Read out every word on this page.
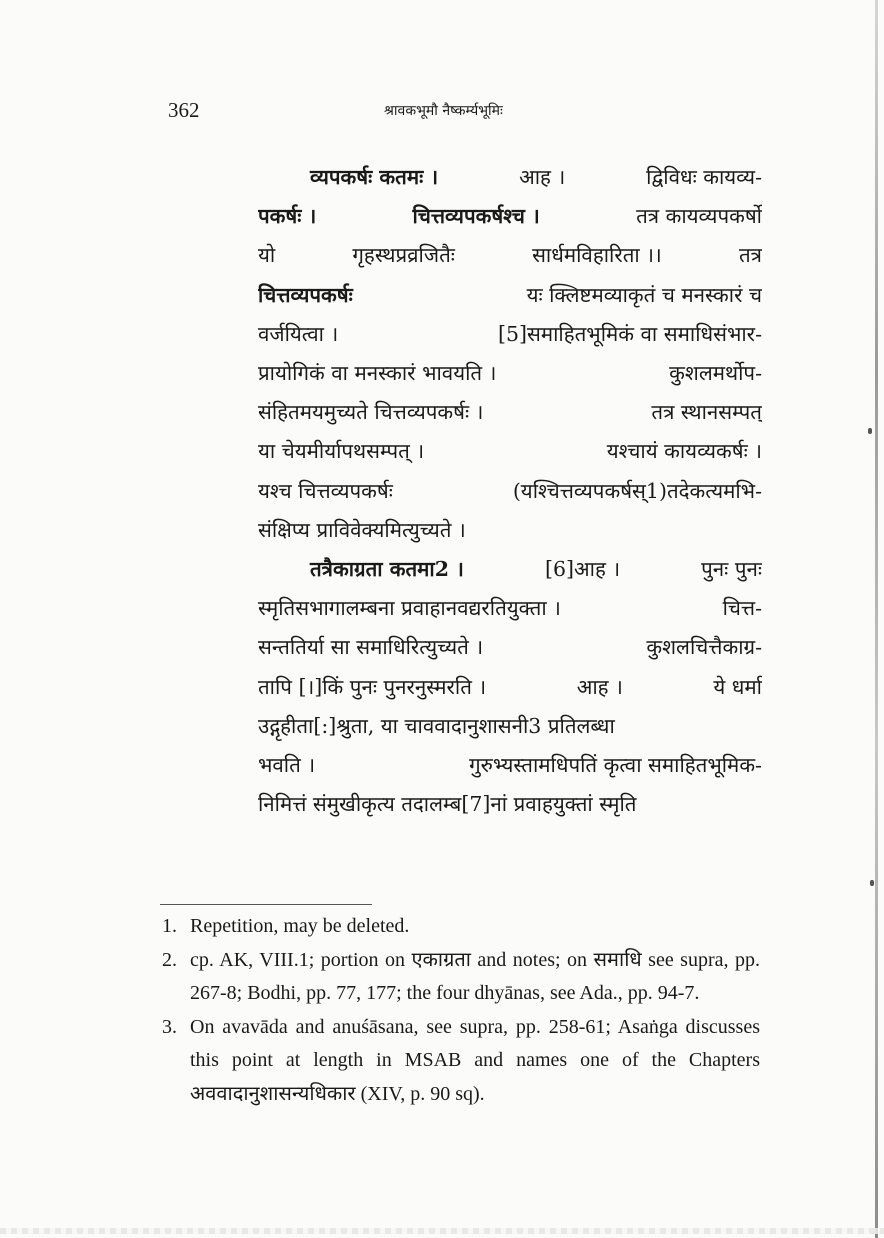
362	श्रावकभूमौ नैष्कर्म्यभूमिः
व्यपकर्षः कतमः ।	आह ।	द्विविधः कायव्य-
पकर्षः ।	चित्तव्यपकर्षश्च ।	तत्र कायव्यपकर्षो
यो	गृहस्थप्रव्रजितैः	सार्धमविहारिता ।।	तत्र
चित्तव्यपकर्षः	यः क्लिष्टमव्याकृतं च मनस्कारं च
वर्जयित्वा ।	[5]समाहितभूमिकं वा समाधिसंभार-
प्रायोगिकं वा मनस्कारं भावयति ।	कुशलमर्थोप-
संहितमयमुच्यते चित्तव्यपकर्षः ।	तत्र स्थानसम्पत्
या चेयमीर्यापथसम्पत् ।	यश्चायं कायव्यकर्षः ।
यश्च चित्तव्यपकर्षः	(यश्चित्तव्यपकर्षस्1)तदेकत्यमभि-
संक्षिप्य प्राविवेक्यमित्युच्यते ।
तत्रैकाग्रता कतमा2 ।	[6]आह ।	पुनः पुनः
स्मृतिसभागालम्बना प्रवाहानवद्यरतियुक्ता ।	चित्त-
सन्ततिर्या सा समाधिरित्युच्यते ।	कुशलचित्तैकाग्र-
तापि [।]किं पुनः पुनरनुस्मरति ।	आह ।	ये धर्मा
उद्गृहीता[:]श्रुता, या चाववादानुशासनी3 प्रतिलब्धा
भवति ।	गुरुभ्यस्तामधिपतिं कृत्वा समाहितभूमिक-
निमित्तं संमुखीकृत्य तदालम्ब[7]नां प्रवाहयुक्तां स्मृति
1. Repetition, may be deleted.
2. cp. AK, VIII.1; portion on एकाग्रता and notes; on समाधि see supra, pp. 267-8; Bodhi, pp. 77, 177; the four dhyānas, see Ada., pp. 94-7.
3. On avavāda and anuśāsana, see supra, pp. 258-61; Asaṅga discusses this point at length in MSAB and names one of the Chapters अववादानुशासन्यधिकार (XIV, p. 90 sq).
